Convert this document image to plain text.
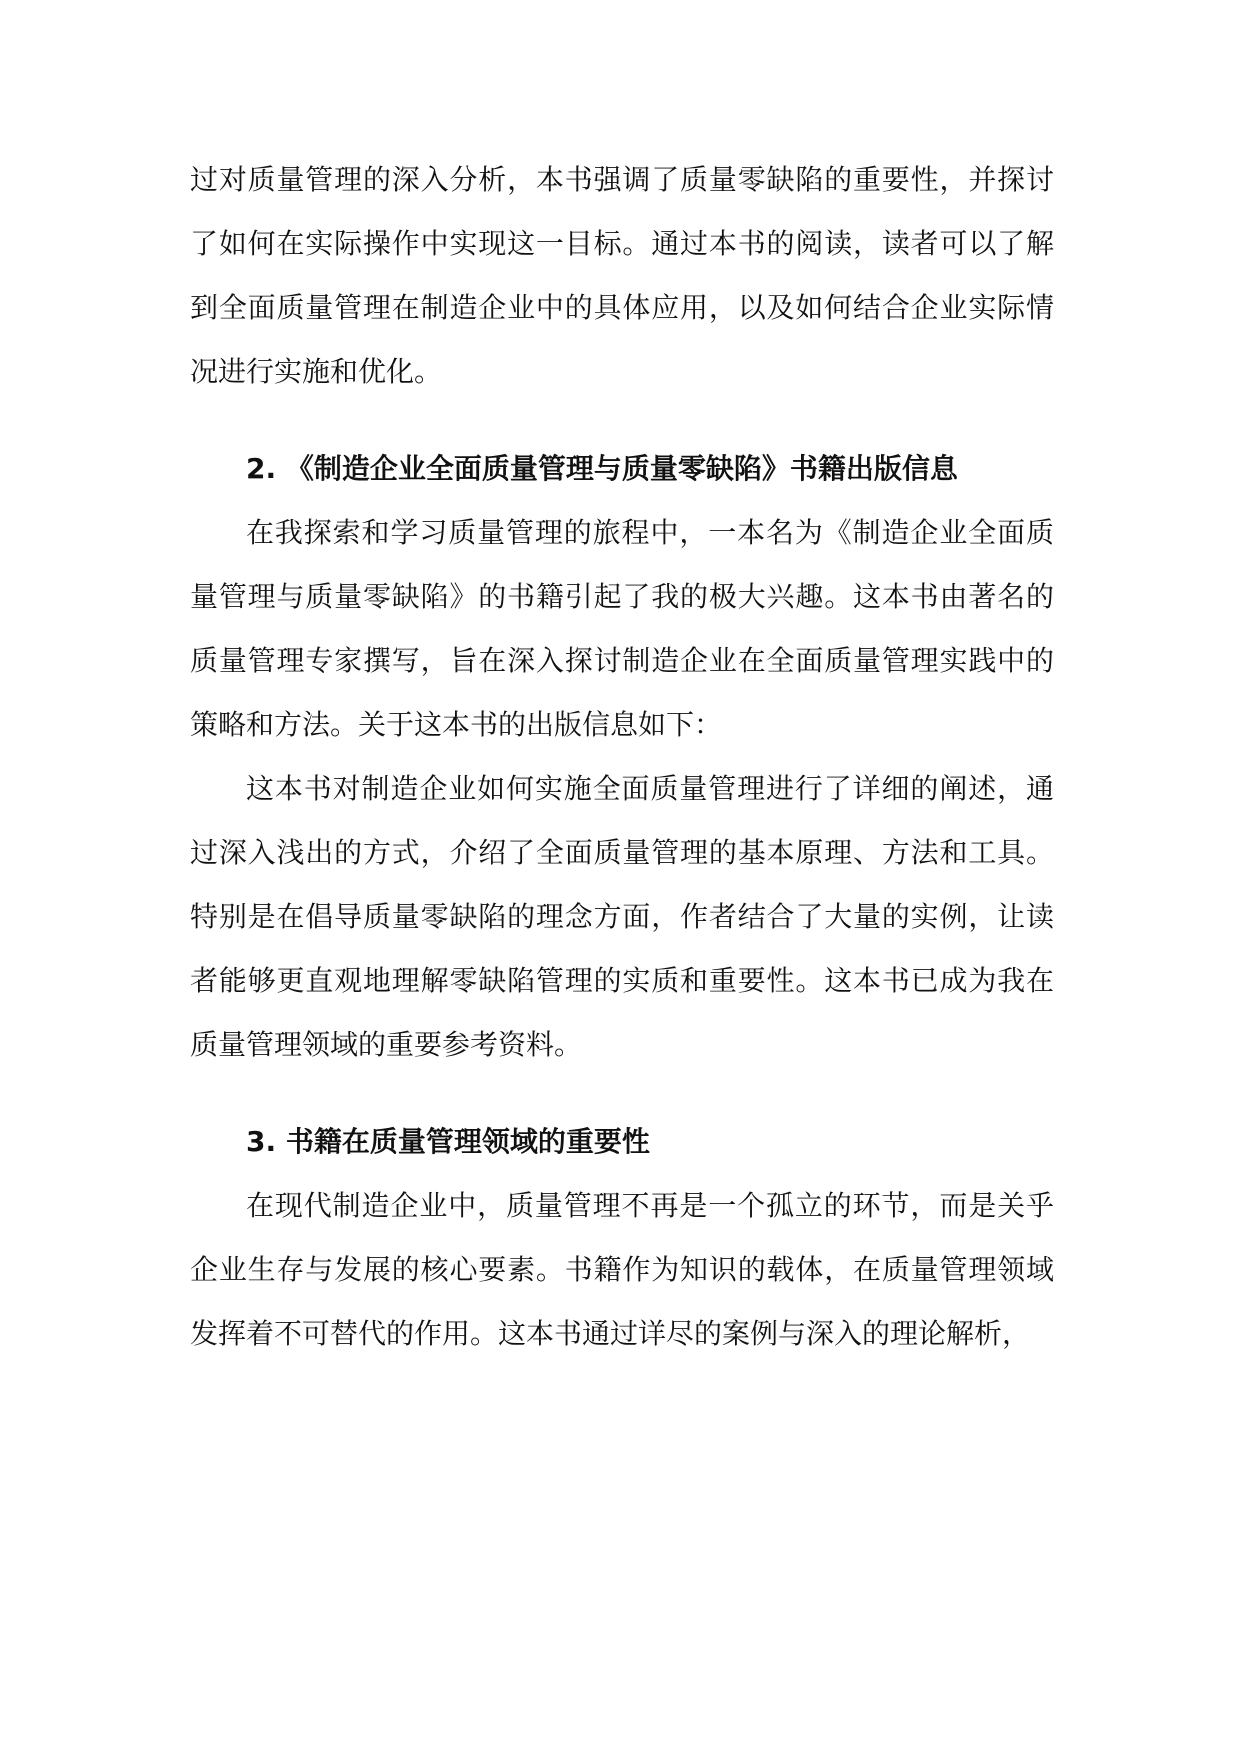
过对质量管理的深入分析，本书强调了质量零缺陷的重要性，并探讨了如何在实际操作中实现这一目标。通过本书的阅读，读者可以了解到全面质量管理在制造企业中的具体应用，以及如何结合企业实际情况进行实施和优化。

2. 《制造企业全面质量管理与质量零缺陷》书籍出版信息

在我探索和学习质量管理的旅程中，一本名为《制造企业全面质量管理与质量零缺陷》的书籍引起了我的极大兴趣。这本书由著名的质量管理专家撰写，旨在深入探讨制造企业在全面质量管理实践中的策略和方法。关于这本书的出版信息如下：

这本书对制造企业如何实施全面质量管理进行了详细的阐述，通过深入浅出的方式，介绍了全面质量管理的基本原理、方法和工具。特别是在倡导质量零缺陷的理念方面，作者结合了大量的实例，让读者能够更直观地理解零缺陷管理的实质和重要性。这本书已成为我在质量管理领域的重要参考资料。

3. 书籍在质量管理领域的重要性

在现代制造企业中，质量管理不再是一个孤立的环节，而是关乎企业生存与发展的核心要素。书籍作为知识的载体，在质量管理领域发挥着不可替代的作用。这本书通过详尽的案例与深入的理论解析，
